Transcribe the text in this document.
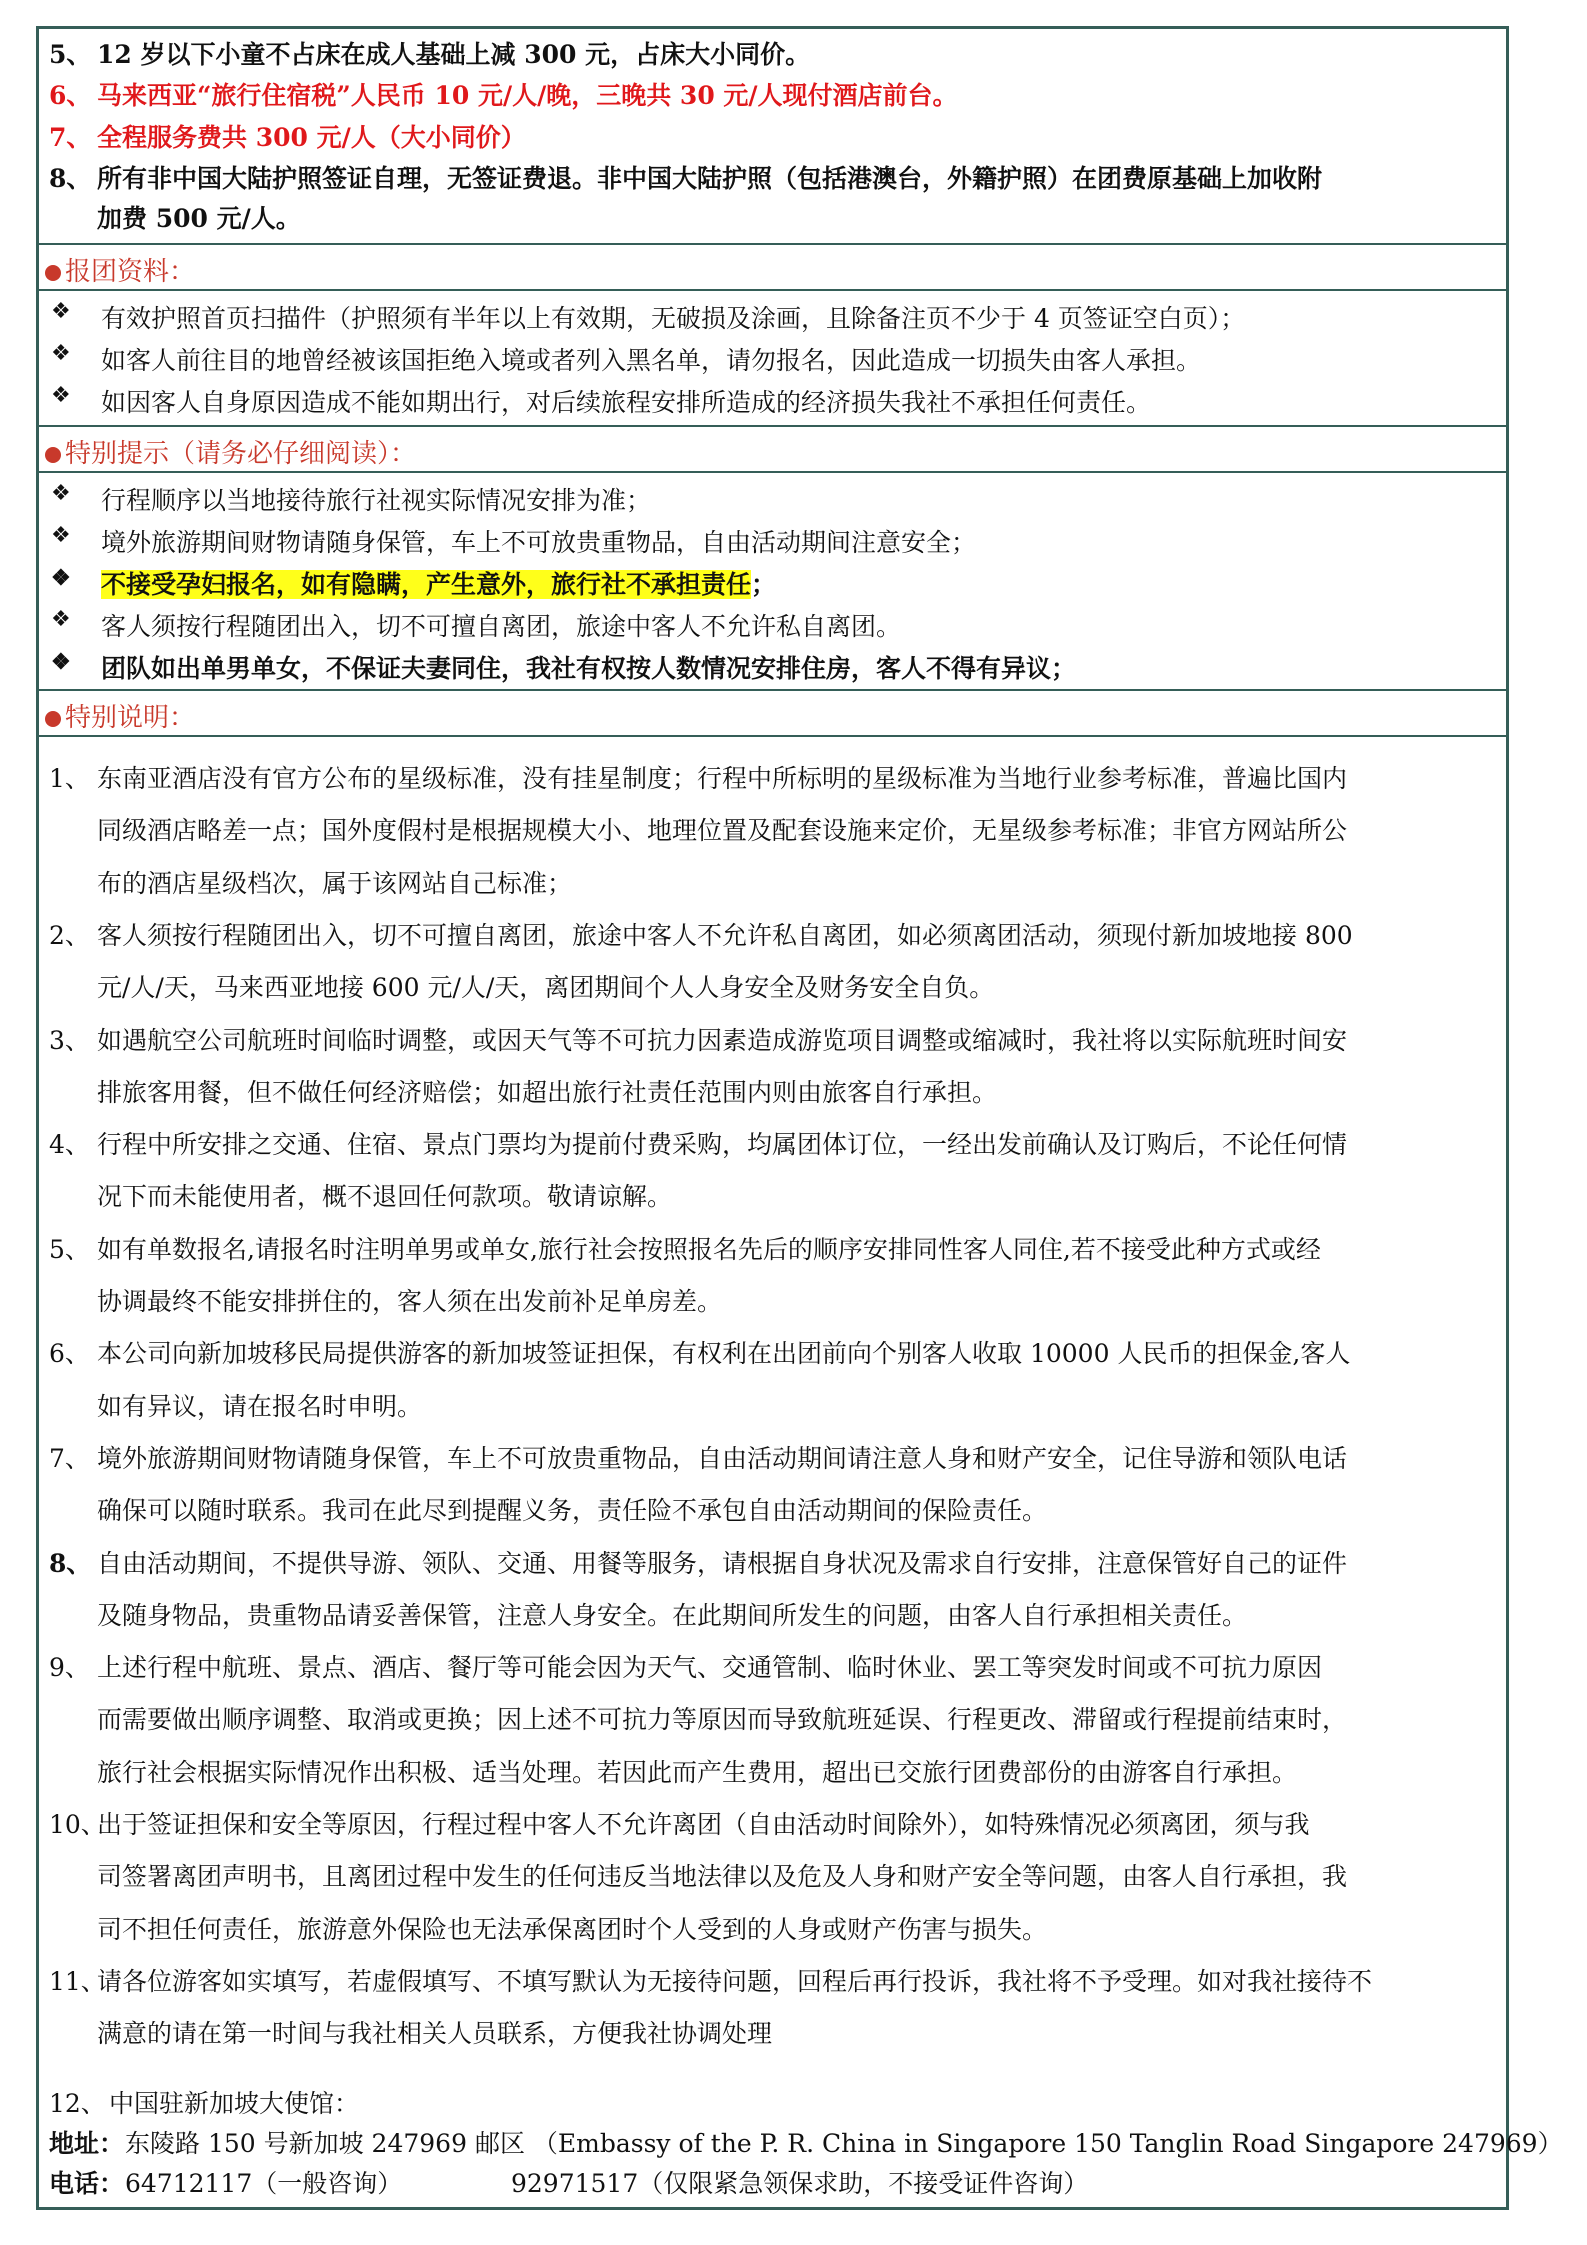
5、 12 岁以下小童不占床在成人基础上减 300 元，占床大小同价。
6、 马来西亚“旅行住宿税”人民币 10 元/人/晚，三晚共 30 元/人现付酒店前台。
7、 全程服务费共 300 元/人（大小同价）
8、 所有非中国大陆护照签证自理，无签证费退。非中国大陆护照（包括港澳台，外籍护照）在团费原基础上加收附
加费 500 元/人。
报团资料：
❖ 有效护照首页扫描件（护照须有半年以上有效期，无破损及涂画，且除备注页不少于 4 页签证空白页）；
❖ 如客人前往目的地曾经被该国拒绝入境或者列入黑名单，请勿报名，因此造成一切损失由客人承担。
❖ 如因客人自身原因造成不能如期出行，对后续旅程安排所造成的经济损失我社不承担任何责任。
特别提示（请务必仔细阅读）：
❖ 行程顺序以当地接待旅行社视实际情况安排为准；
❖ 境外旅游期间财物请随身保管，车上不可放贵重物品，自由活动期间注意安全；
❖ 不接受孕妇报名，如有隐瞒，产生意外，旅行社不承担责任；
❖ 客人须按行程随团出入，切不可擅自离团，旅途中客人不允许私自离团。
❖ 团队如出单男单女，不保证夫妻同住，我社有权按人数情况安排住房，客人不得有异议；
特别说明：
1、 东南亚酒店没有官方公布的星级标准，没有挂星制度；行程中所标明的星级标准为当地行业参考标准，普遍比国内
同级酒店略差一点；国外度假村是根据规模大小、地理位置及配套设施来定价，无星级参考标准；非官方网站所公
布的酒店星级档次，属于该网站自己标准；
2、 客人须按行程随团出入，切不可擅自离团，旅途中客人不允许私自离团，如必须离团活动，须现付新加坡地接 800
元/人/天，马来西亚地接 600 元/人/天，离团期间个人人身安全及财务安全自负。
3、 如遇航空公司航班时间临时调整，或因天气等不可抗力因素造成游览项目调整或缩减时，我社将以实际航班时间安
排旅客用餐，但不做任何经济赔偿；如超出旅行社责任范围内则由旅客自行承担。
4、 行程中所安排之交通、住宿、景点门票均为提前付费采购，均属团体订位，一经出发前确认及订购后，不论任何情
况下而未能使用者，概不退回任何款项。敬请谅解。
5、 如有单数报名,请报名时注明单男或单女,旅行社会按照报名先后的顺序安排同性客人同住,若不接受此种方式或经
协调最终不能安排拼住的，客人须在出发前补足单房差。
6、 本公司向新加坡移民局提供游客的新加坡签证担保，有权利在出团前向个别客人收取 10000 人民币的担保金,客人
如有异议，请在报名时申明。
7、 境外旅游期间财物请随身保管，车上不可放贵重物品，自由活动期间请注意人身和财产安全，记住导游和领队电话
确保可以随时联系。我司在此尽到提醒义务，责任险不承包自由活动期间的保险责任。
8、 自由活动期间，不提供导游、领队、交通、用餐等服务，请根据自身状况及需求自行安排，注意保管好自己的证件
及随身物品，贵重物品请妥善保管，注意人身安全。在此期间所发生的问题，由客人自行承担相关责任。
9、 上述行程中航班、景点、酒店、餐厅等可能会因为天气、交通管制、临时休业、罢工等突发时间或不可抗力原因
而需要做出顺序调整、取消或更换；因上述不可抗力等原因而导致航班延误、行程更改、滞留或行程提前结束时，
旅行社会根据实际情况作出积极、适当处理。若因此而产生费用，超出已交旅行团费部份的由游客自行承担。
10、
出于签证担保和安全等原因，行程过程中客人不允许离团（自由活动时间除外），如特殊情况必须离团，须与我
司签署离团声明书，且离团过程中发生的任何违反当地法律以及危及人身和财产安全等问题，由客人自行承担，我
司不担任何责任，旅游意外保险也无法承保离团时个人受到的人身或财产伤害与损失。
11、
请各位游客如实填写，若虚假填写、不填写默认为无接待问题，回程后再行投诉，我社将不予受理。如对我社接待不
满意的请在第一时间与我社相关人员联系，方便我社协调处理
12、 中国驻新加坡大使馆：
地址： 东陵路 150 号新加坡 247969 邮区 （Embassy of the P. R. China in Singapore 150 Tanglin Road Singapore 247969）
电话： 64712117（一般咨询）	92971517（仅限紧急领保求助，不接受证件咨询）
